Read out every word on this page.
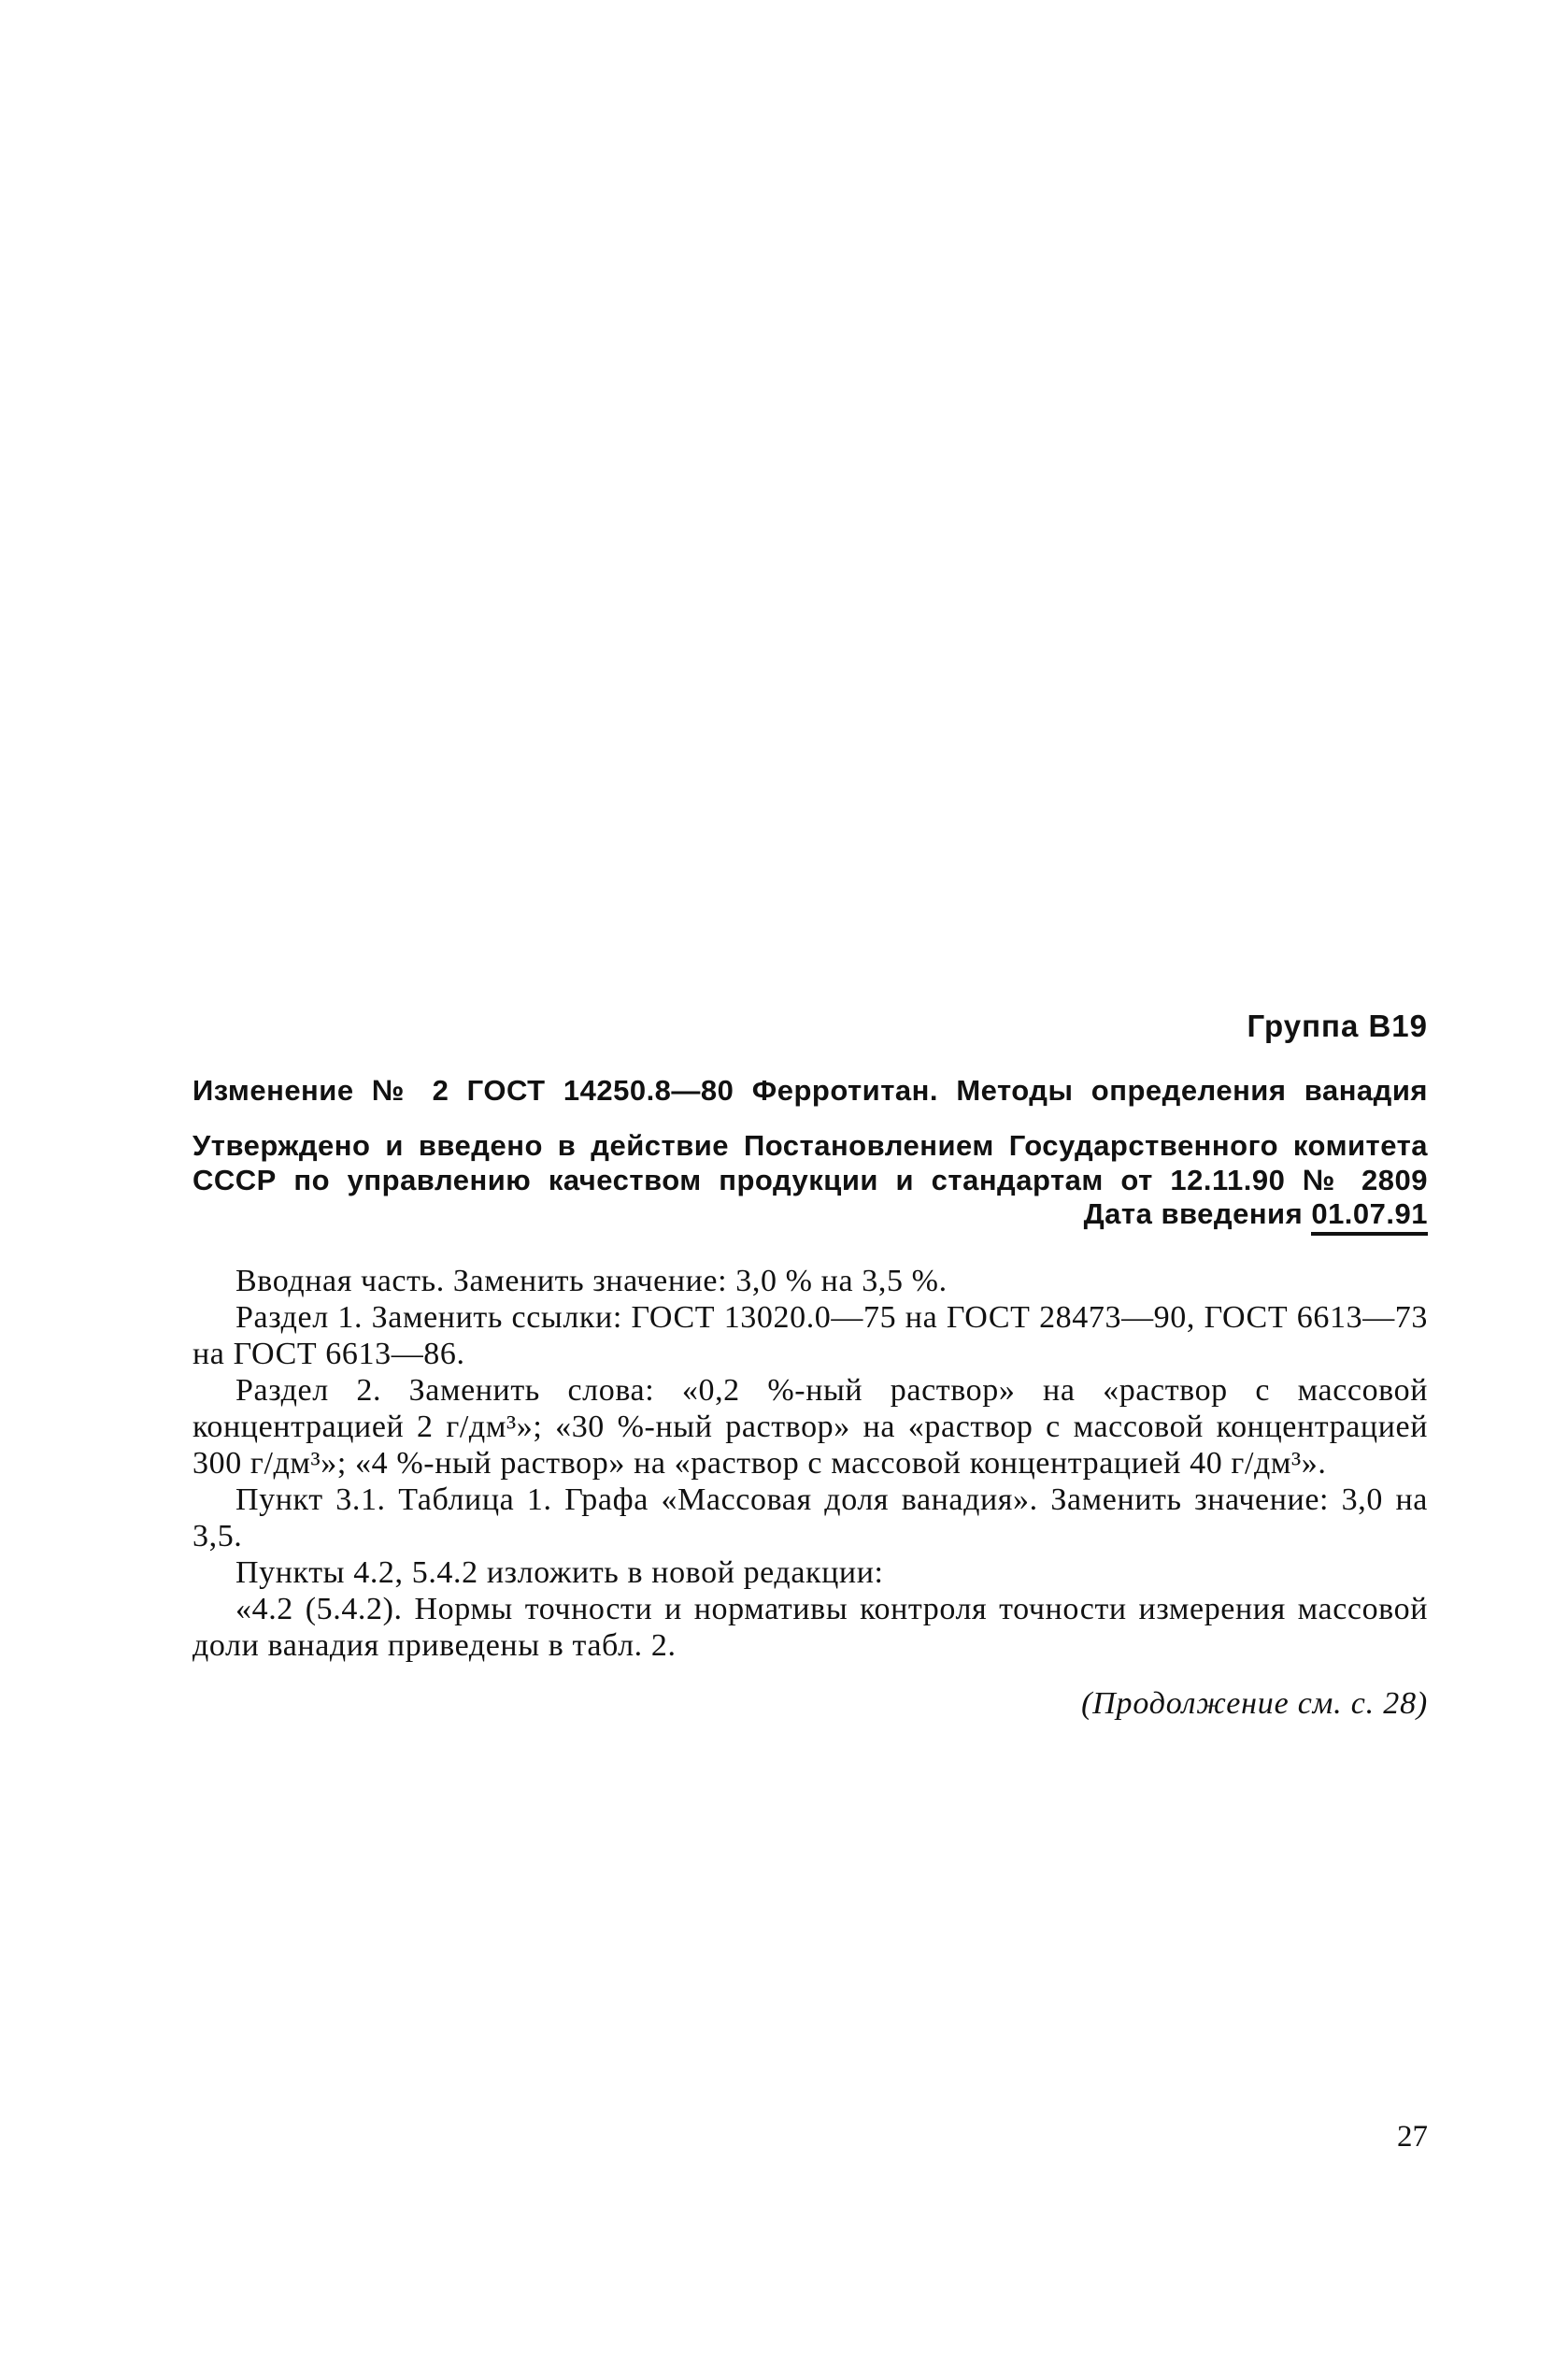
Группа В19
Изменение № 2 ГОСТ 14250.8—80 Ферротитан. Методы определения ванадия
Утверждено и введено в действие Постановлением Государственного комитета
СССР по управлению качеством продукции и стандартам от 12.11.90 № 2809
Дата введения 01.07.91

Вводная часть. Заменить значение: 3,0 % на 3,5 %.

Раздел 1. Заменить ссылки: ГОСТ 13020.0—75 на ГОСТ 28473—90, ГОСТ 6613—73 на ГОСТ 6613—86.

Раздел 2. Заменить слова: «0,2 %-ный раствор» на «раствор с массовой концентрацией 2 г/дм³»; «30 %-ный раствор» на «раствор с массовой концентрацией 300 г/дм³»; «4 %-ный раствор» на «раствор с массовой концентрацией 40 г/дм³».

Пункт 3.1. Таблица 1. Графа «Массовая доля ванадия». Заменить значение: 3,0 на 3,5.

Пункты 4.2, 5.4.2 изложить в новой редакции:

«4.2 (5.4.2). Нормы точности и нормативы контроля точности измерения массовой доли ванадия приведены в табл. 2.

(Продолжение см. с. 28)
27
